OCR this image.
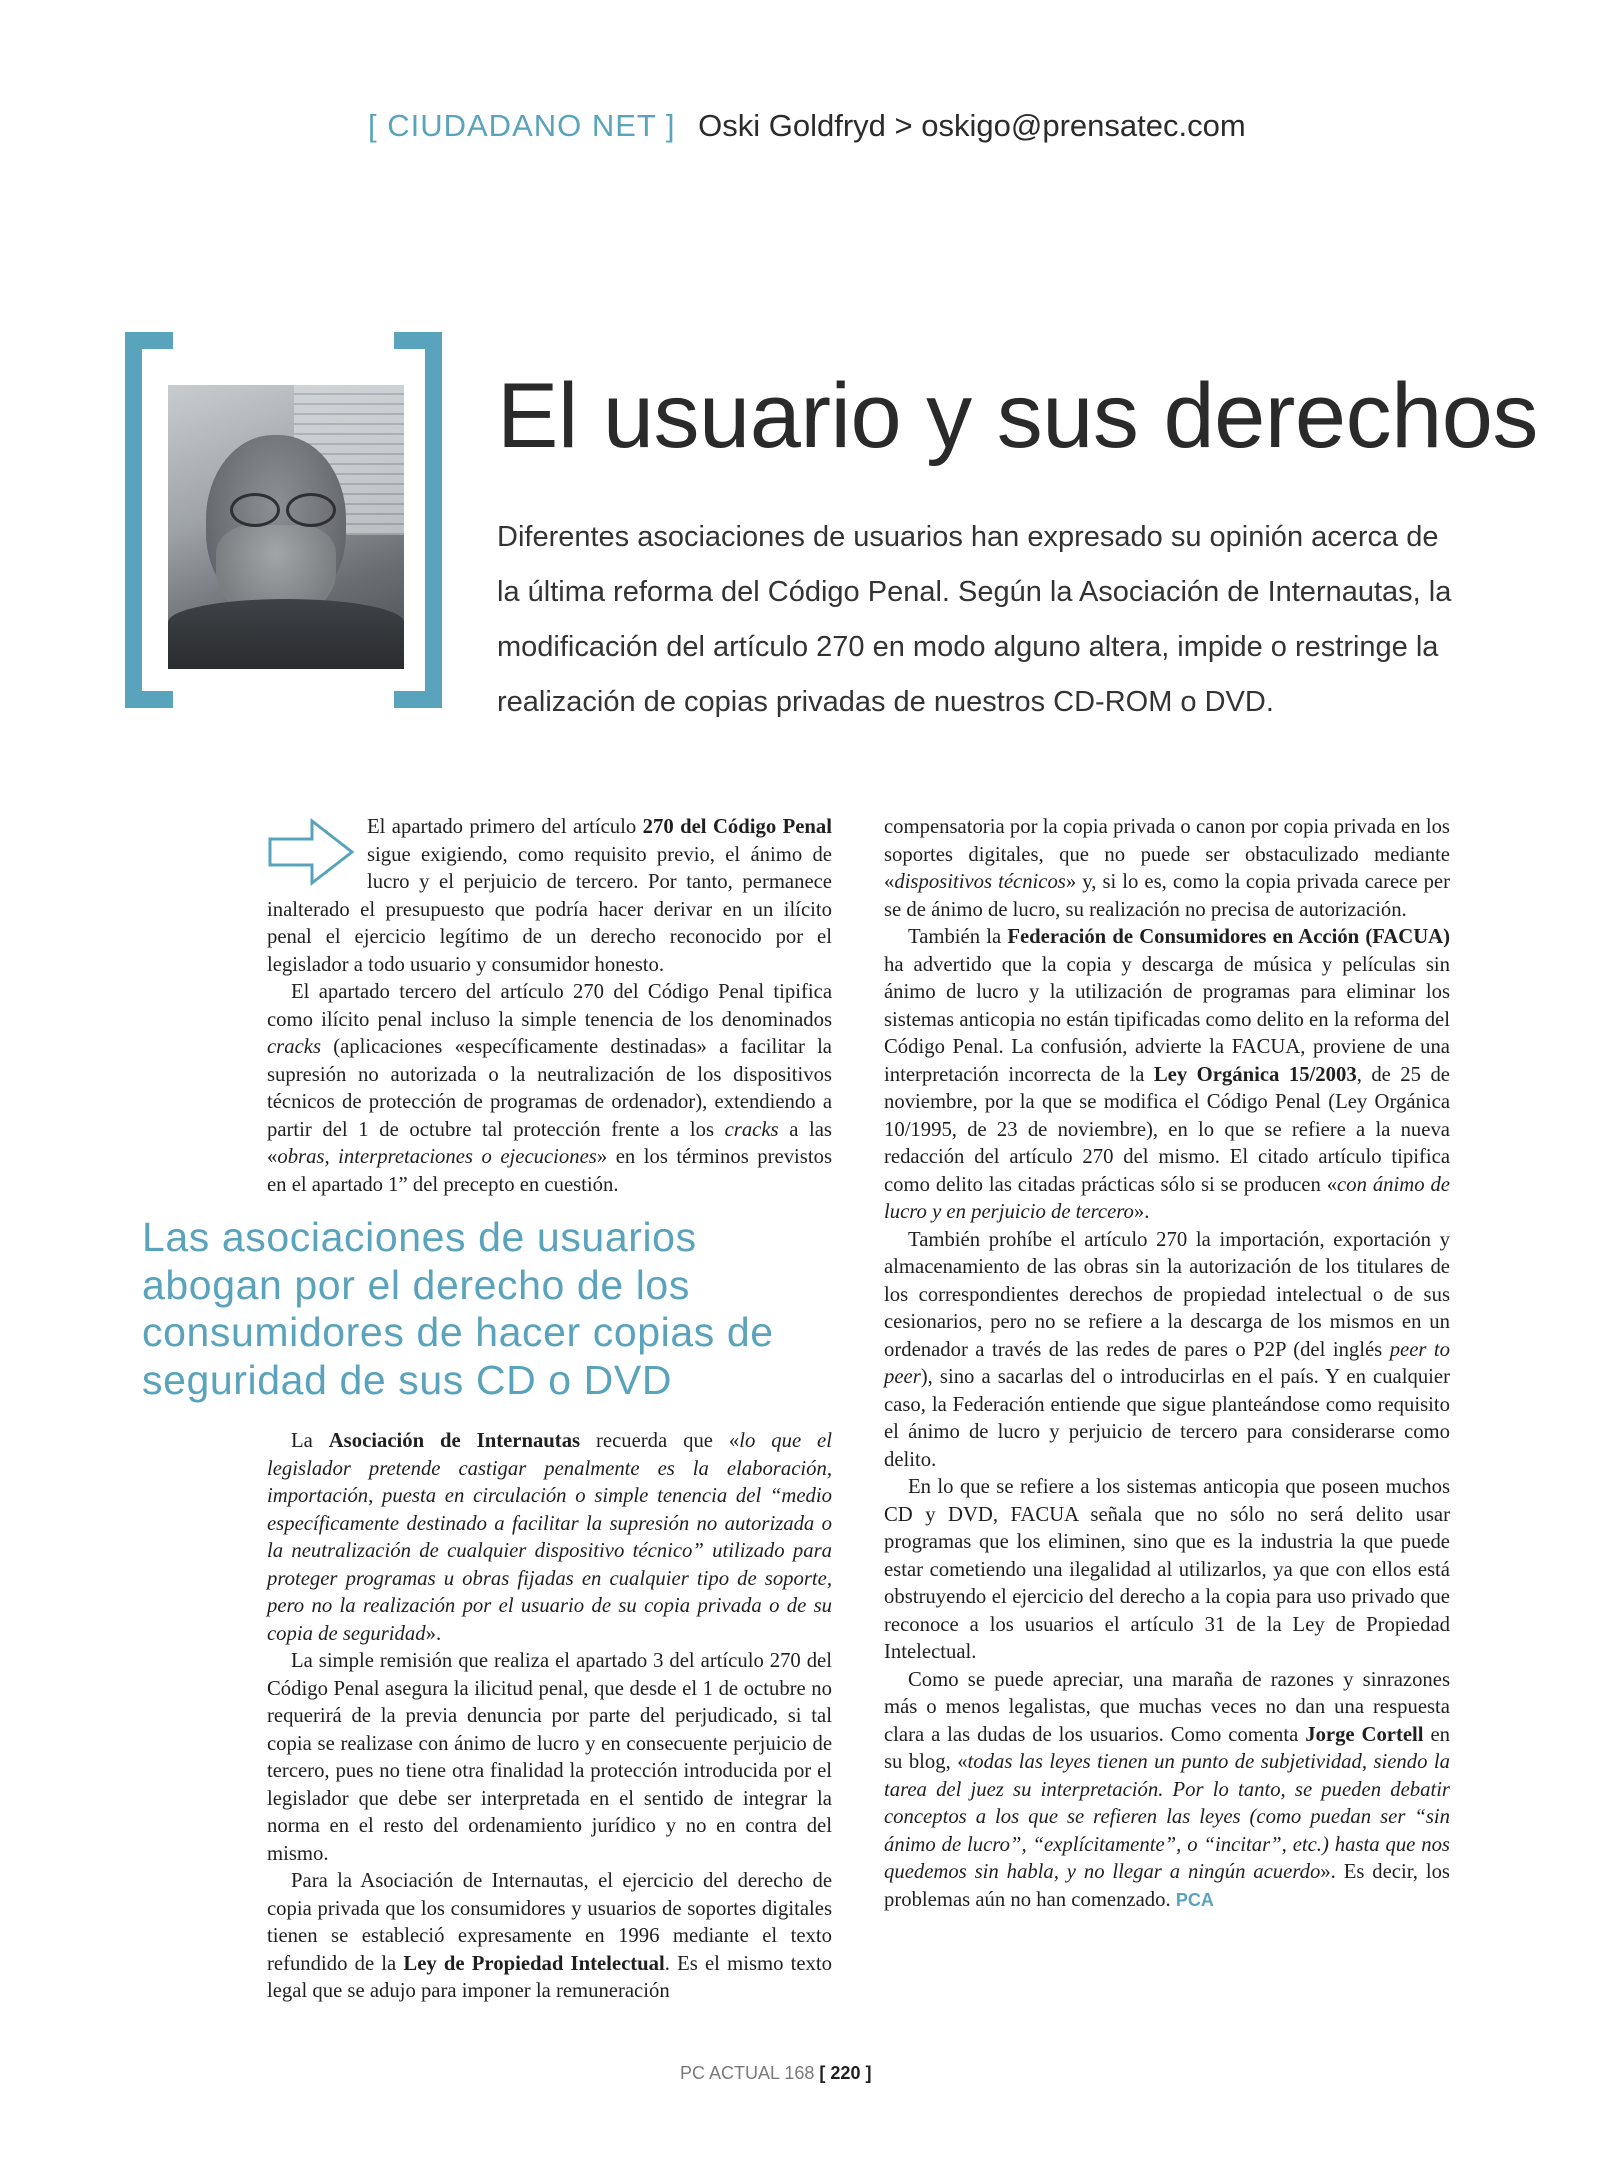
[ CIUDADANO NET ] Oski Goldfryd > oskigo@prensatec.com
El usuario y sus derechos
Diferentes asociaciones de usuarios han expresado su opinión acerca de la última reforma del Código Penal. Según la Asociación de Internautas, la modificación del artículo 270 en modo alguno altera, impide o restringe la realización de copias privadas de nuestros CD-ROM o DVD.

El apartado primero del artículo 270 del Código Penal sigue exigiendo, como requisito previo, el ánimo de lucro y el perjuicio de tercero. Por tanto, permanece inalterado el presupuesto que podría hacer derivar en un ilícito penal el ejercicio legítimo de un derecho reconocido por el legislador a todo usuario y consumidor honesto.

El apartado tercero del artículo 270 del Código Penal tipifica como ilícito penal incluso la simple tenencia de los denominados cracks (aplicaciones «específicamente destinadas» a facilitar la supresión no autorizada o la neutralización de los dispositivos técnicos de protección de programas de ordenador), extendiendo a partir del 1 de octubre tal protección frente a los cracks a las «obras, interpretaciones o ejecuciones» en los términos previstos en el apartado 1” del precepto en cuestión.

Las asociaciones de usuarios abogan por el derecho de los consumidores de hacer copias de seguridad de sus CD o DVD

La Asociación de Internautas recuerda que «lo que el legislador pretende castigar penalmente es la elaboración, importación, puesta en circulación o simple tenencia del “medio específicamente destinado a facilitar la supresión no autorizada o la neutralización de cualquier dispositivo técnico” utilizado para proteger programas u obras fijadas en cualquier tipo de soporte, pero no la realización por el usuario de su copia privada o de su copia de seguridad».

La simple remisión que realiza el apartado 3 del artículo 270 del Código Penal asegura la ilicitud penal, que desde el 1 de octubre no requerirá de la previa denuncia por parte del perjudicado, si tal copia se realizase con ánimo de lucro y en consecuente perjuicio de tercero, pues no tiene otra finalidad la protección introducida por el legislador que debe ser interpretada en el sentido de integrar la norma en el resto del ordenamiento jurídico y no en contra del mismo.

Para la Asociación de Internautas, el ejercicio del derecho de copia privada que los consumidores y usuarios de soportes digitales tienen se estableció expresamente en 1996 mediante el texto refundido de la Ley de Propiedad Intelectual. Es el mismo texto legal que se adujo para imponer la remuneración

compensatoria por la copia privada o canon por copia privada en los soportes digitales, que no puede ser obstaculizado mediante «dispositivos técnicos» y, si lo es, como la copia privada carece per se de ánimo de lucro, su realización no precisa de autorización.

También la Federación de Consumidores en Acción (FACUA) ha advertido que la copia y descarga de música y películas sin ánimo de lucro y la utilización de programas para eliminar los sistemas anticopia no están tipificadas como delito en la reforma del Código Penal. La confusión, advierte la FACUA, proviene de una interpretación incorrecta de la Ley Orgánica 15/2003, de 25 de noviembre, por la que se modifica el Código Penal (Ley Orgánica 10/1995, de 23 de noviembre), en lo que se refiere a la nueva redacción del artículo 270 del mismo. El citado artículo tipifica como delito las citadas prácticas sólo si se producen «con ánimo de lucro y en perjuicio de tercero».

También prohíbe el artículo 270 la importación, exportación y almacenamiento de las obras sin la autorización de los titulares de los correspondientes derechos de propiedad intelectual o de sus cesionarios, pero no se refiere a la descarga de los mismos en un ordenador a través de las redes de pares o P2P (del inglés peer to peer), sino a sacarlas del o introducirlas en el país. Y en cualquier caso, la Federación entiende que sigue planteándose como requisito el ánimo de lucro y perjuicio de tercero para considerarse como delito.

En lo que se refiere a los sistemas anticopia que poseen muchos CD y DVD, FACUA señala que no sólo no será delito usar programas que los eliminen, sino que es la industria la que puede estar cometiendo una ilegalidad al utilizarlos, ya que con ellos está obstruyendo el ejercicio del derecho a la copia para uso privado que reconoce a los usuarios el artículo 31 de la Ley de Propiedad Intelectual.

Como se puede apreciar, una maraña de razones y sinrazones más o menos legalistas, que muchas veces no dan una respuesta clara a las dudas de los usuarios. Como comenta Jorge Cortell en su blog, «todas las leyes tienen un punto de subjetividad, siendo la tarea del juez su interpretación. Por lo tanto, se pueden debatir conceptos a los que se refieren las leyes (como puedan ser “sin ánimo de lucro”, “explícitamente”, o “incitar”, etc.) hasta que nos quedemos sin habla, y no llegar a ningún acuerdo». Es decir, los problemas aún no han comenzado. PCA

PC ACTUAL 168 [ 220 ]
